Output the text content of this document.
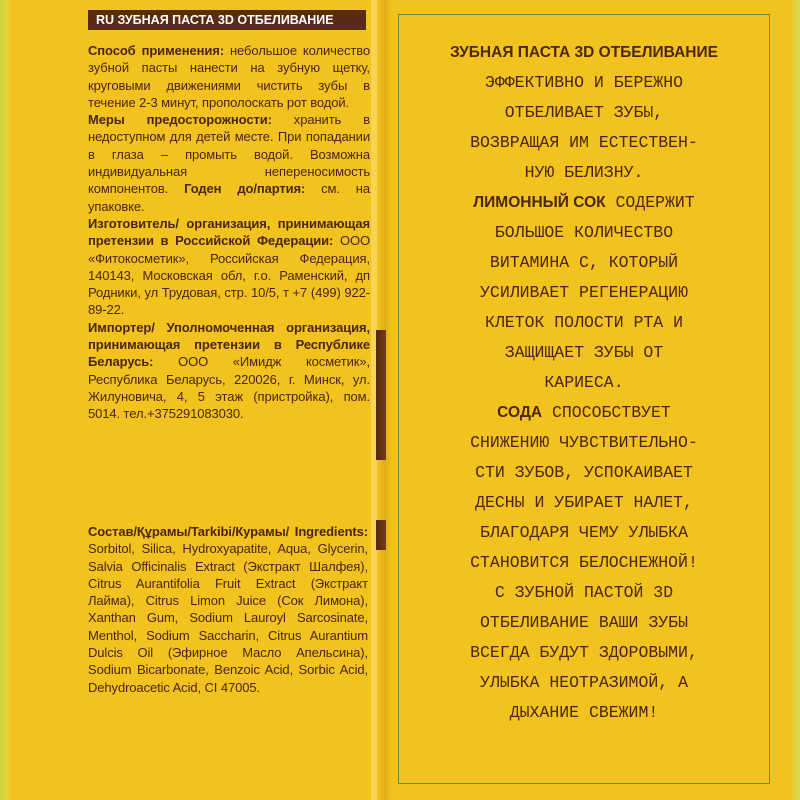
RU ЗУБНАЯ ПАСТА 3D ОТБЕЛИВАНИЕ

Способ применения: небольшое количество зубной пасты нанести на зубную щетку, круговыми движениями чистить зубы в течение 2-3 минут, прополоскать рот водой.

Меры предосторожности: хранить в недоступном для детей месте. При попадании в глаза – промыть водой. Возможна индивидуальная непереносимость компонентов. Годен до/партия: см. на упаковке.

Изготовитель/ организация, принимающая претензии в Российской Федерации: ООО «Фитокосметик», Российская Федерация, 140143, Московская обл, г.о. Раменский, дп Родники, ул Трудовая, стр. 10/5, т +7 (499) 922-89-22.

Импортер/ Уполномоченная организация, принимающая претензии в Республике Беларусь: ООО «Имидж косметик», Республика Беларусь, 220026, г. Минск, ул. Жилуновича, 4, 5 этаж (пристройка), пом. 5014. тел.+375291083030.

Состав/Құрамы/Tarkibi/Курамы/ Ingredients: Sorbitol, Silica, Hydroxyapatite, Aqua, Glycerin, Salvia Officinalis Extract (Экстракт Шалфея), Citrus Aurantifolia Fruit Extract (Экстракт Лайма), Citrus Limon Juice (Сок Лимона), Xanthan Gum, Sodium Lauroyl Sarcosinate, Menthol, Sodium Saccharin, Citrus Aurantium Dulcis Oil (Эфирное Масло Апельсина), Sodium Bicarbonate, Benzoic Acid, Sorbic Acid, Dehydroacetic Acid, CI 47005.

ЗУБНАЯ ПАСТА 3D ОТБЕЛИВАНИЕ
ЭФФЕКТИВНО И БЕРЕЖНО
ОТБЕЛИВАЕТ ЗУБЫ,
ВОЗВРАЩАЯ ИМ ЕСТЕСТВЕН-
НУЮ БЕЛИЗНУ.
ЛИМОННЫЙ СОК СОДЕРЖИТ
БОЛЬШОЕ КОЛИЧЕСТВО
ВИТАМИНА С, КОТОРЫЙ
УСИЛИВАЕТ РЕГЕНЕРАЦИЮ
КЛЕТОК ПОЛОСТИ РТА И
ЗАЩИЩАЕТ ЗУБЫ ОТ
КАРИЕСА.
СОДА СПОСОБСТВУЕТ
СНИЖЕНИЮ ЧУВСТВИТЕЛЬНО-
СТИ ЗУБОВ, УСПОКАИВАЕТ
ДЕСНЫ И УБИРАЕТ НАЛЕТ,
БЛАГОДАРЯ ЧЕМУ УЛЫБКА
СТАНОВИТСЯ БЕЛОСНЕЖНОЙ!
С ЗУБНОЙ ПАСТОЙ 3D
ОТБЕЛИВАНИЕ ВАШИ ЗУБЫ
ВСЕГДА БУДУТ ЗДОРОВЫМИ,
УЛЫБКА НЕОТРАЗИМОЙ, А
ДЫХАНИЕ СВЕЖИМ!
